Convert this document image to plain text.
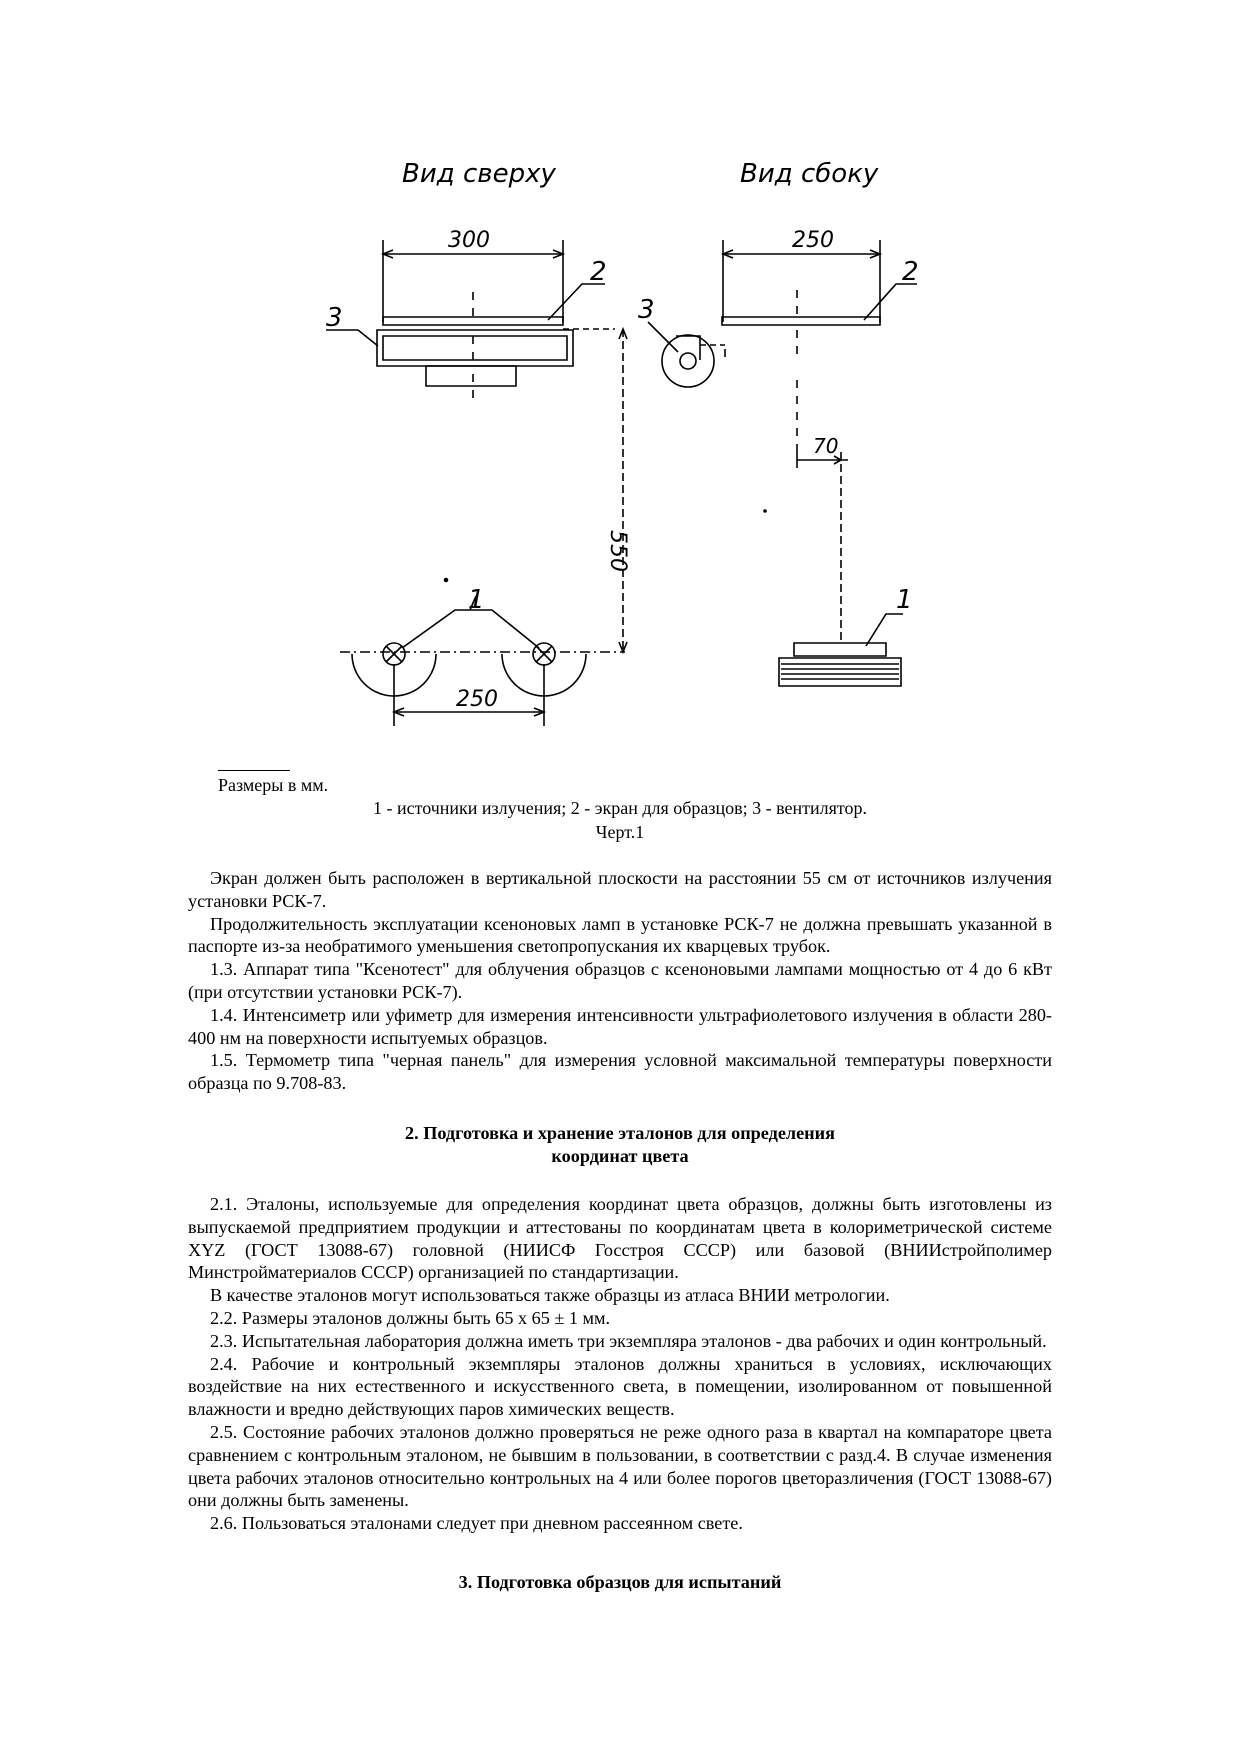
Вид сверху	Вид сбоку
300	250
2	2
3	3
70
550
1	1
250
Размеры в мм.
1 - источники излучения; 2 - экран для образцов; 3 - вентилятор.
Черт.1

Экран должен быть расположен в вертикальной плоскости на расстоянии 55 см от источников излучения установки РСК-7.

Продолжительность эксплуатации ксеноновых ламп в установке РСК-7 не должна превышать указанной в паспорте из-за необратимого уменьшения светопропускания их кварцевых трубок.

1.3. Аппарат типа "Ксенотест" для облучения образцов с ксеноновыми лампами мощностью от 4 до 6 кВт (при отсутствии установки РСК-7).

1.4. Интенсиметр или уфиметр для измерения интенсивности ультрафиолетового излучения в области 280-400 нм на поверхности испытуемых образцов.

1.5. Термометр типа "черная панель" для измерения условной максимальной температуры поверхности образца по 9.708-83.

2. Подготовка и хранение эталонов для определения

координат цвета

2.1. Эталоны, используемые для определения координат цвета образцов, должны быть изготовлены из выпускаемой предприятием продукции и аттестованы по координатам цвета в колориметрической системе XYZ (ГОСТ 13088-67) головной (НИИСФ Госстроя СССР) или базовой (ВНИИстройполимер Минстройматериалов СССР) организацией по стандартизации.

В качестве эталонов могут использоваться также образцы из атласа ВНИИ метрологии.

2.2. Размеры эталонов должны быть 65 х 65 ± 1 мм.

2.3. Испытательная лаборатория должна иметь три экземпляра эталонов - два рабочих и один контрольный.

2.4. Рабочие и контрольный экземпляры эталонов должны храниться в условиях, исключающих воздействие на них естественного и искусственного света, в помещении, изолированном от повышенной влажности и вредно действующих паров химических веществ.

2.5. Состояние рабочих эталонов должно проверяться не реже одного раза в квартал на компараторе цвета сравнением с контрольным эталоном, не бывшим в пользовании, в соответствии с разд.4. В случае изменения цвета рабочих эталонов относительно контрольных на 4 или более порогов цветоразличения (ГОСТ 13088-67) они должны быть заменены.

2.6. Пользоваться эталонами следует при дневном рассеянном свете.

3. Подготовка образцов для испытаний
